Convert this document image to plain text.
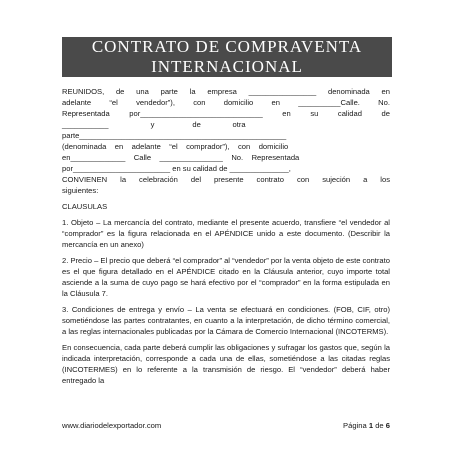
CONTRATO DE COMPRAVENTA
INTERNACIONAL
REUNIDOS, de una parte la empresa ________________ denominada en
adelante “el vendedor”), con domicilio en __________Calle. No.
Representada por_____________________________ en su calidad de
___________                    y                  de               otra
parte_________________________________________________
(denominada    en    adelante    “el    comprador”),    con    domicilio
en_____________    Calle    _______________    No.    Representada
por_______________________ en su calidad de ______________,
CONVIENEN la celebración del presente contrato con sujeción a los
siguientes:
CLAUSULAS
1. Objeto – La mercancía del contrato, mediante el presente acuerdo, transfiere “el vendedor al “comprador” es la figura relacionada en el APÉNDICE unido a este documento. (Describir la mercancía en un anexo)
2. Precio – El precio que deberá “el comprador” al “vendedor” por la venta objeto de este contrato es el que figura detallado en el APÉNDICE citado en la Cláusula anterior, cuyo importe total asciende a la suma de cuyo pago se hará efectivo por el “comprador” en la forma estipulada en la Cláusula 7.
3. Condiciones de entrega y envío – La venta se efectuará en condiciones. (FOB, CIF, otro) sometiéndose las partes contratantes, en cuanto a la interpretación, de dicho término comercial, a las reglas internacionales publicadas por la Cámara de Comercio Internacional (INCOTERMS).
En consecuencia, cada parte deberá cumplir las obligaciones y sufragar los gastos que, según la indicada interpretación, corresponde a cada una de ellas, sometiéndose a las citadas reglas (INCOTERMES) en lo referente a la transmisión de riesgo. El “vendedor” deberá haber entregado la
www.diariodelexportador.com	Página 1 de 6
